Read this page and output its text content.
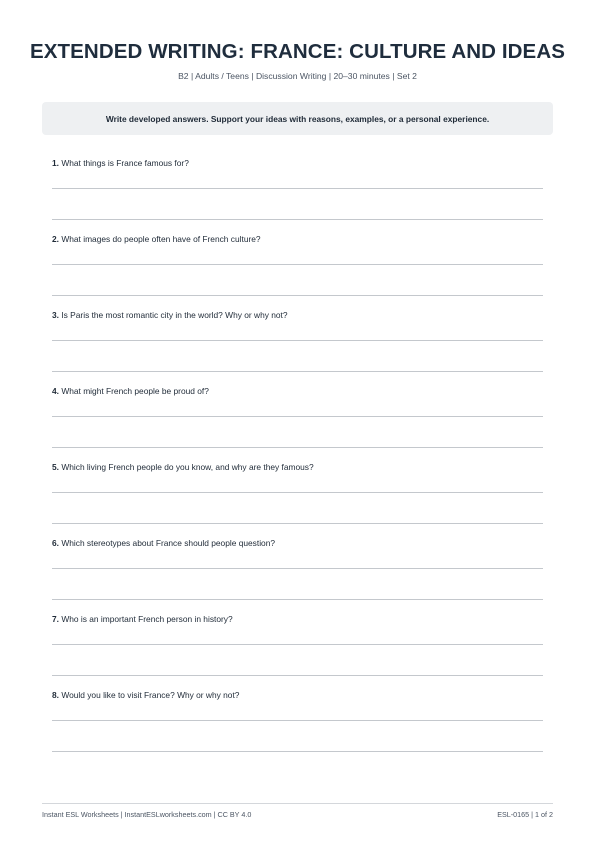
EXTENDED WRITING: FRANCE: CULTURE AND IDEAS
B2 | Adults / Teens | Discussion Writing | 20–30 minutes | Set 2
Write developed answers. Support your ideas with reasons, examples, or a personal experience.
1. What things is France famous for?
2. What images do people often have of French culture?
3. Is Paris the most romantic city in the world? Why or why not?
4. What might French people be proud of?
5. Which living French people do you know, and why are they famous?
6. Which stereotypes about France should people question?
7. Who is an important French person in history?
8. Would you like to visit France? Why or why not?
Instant ESL Worksheets | InstantESLworksheets.com | CC BY 4.0	ESL-0165 | 1 of 2
